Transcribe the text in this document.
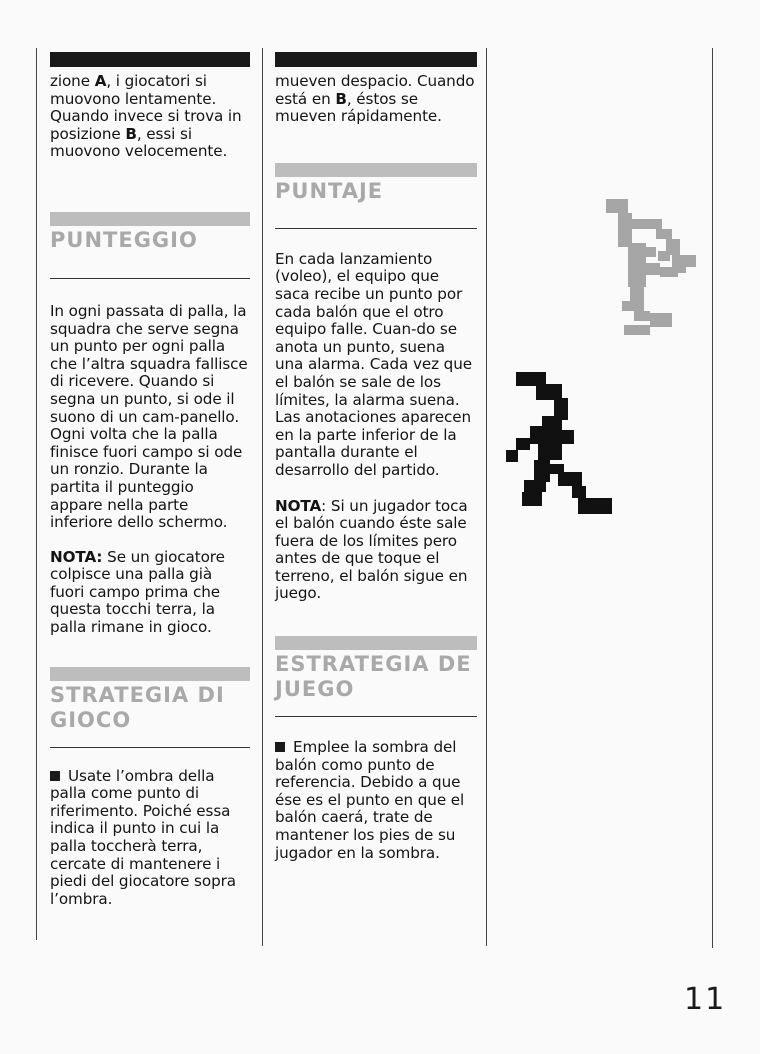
zione A, i giocatori si muovono lentamente. Quando invece si trova in posizione B, essi si muovono velocemente.

PUNTEGGIO

In ogni passata di palla, la squadra che serve segna un punto per ogni palla che l’altra squadra fallisce di ricevere. Quando si segna un punto, si ode il suono di un cam-panello. Ogni volta che la palla finisce fuori campo si ode un ronzio. Durante la partita il punteggio appare nella parte inferiore dello schermo.

NOTA: Se un giocatore colpisce una palla già fuori campo prima che questa tocchi terra, la palla rimane in gioco.

STRATEGIA DI GIOCO

Usate l’ombra della palla come punto di riferimento. Poiché essa indica il punto in cui la palla toccherà terra, cercate di mantenere i piedi del giocatore sopra l’ombra.

mueven despacio. Cuando está en B, éstos se mueven rápidamente.

PUNTAJE

En cada lanzamiento (voleo), el equipo que saca recibe un punto por cada balón que el otro equipo falle. Cuan-do se anota un punto, suena una alarma. Cada vez que el balón se sale de los límites, la alarma suena. Las anotaciones aparecen en la parte inferior de la pantalla durante el desarrollo del partido.

NOTA: Si un jugador toca el balón cuando éste sale fuera de los límites pero antes de que toque el terreno, el balón sigue en juego.

ESTRATEGIA DE JUEGO

Emplee la sombra del balón como punto de referencia. Debido a que ése es el punto en que el balón caerá, trate de mantener los pies de su jugador en la sombra.

11
